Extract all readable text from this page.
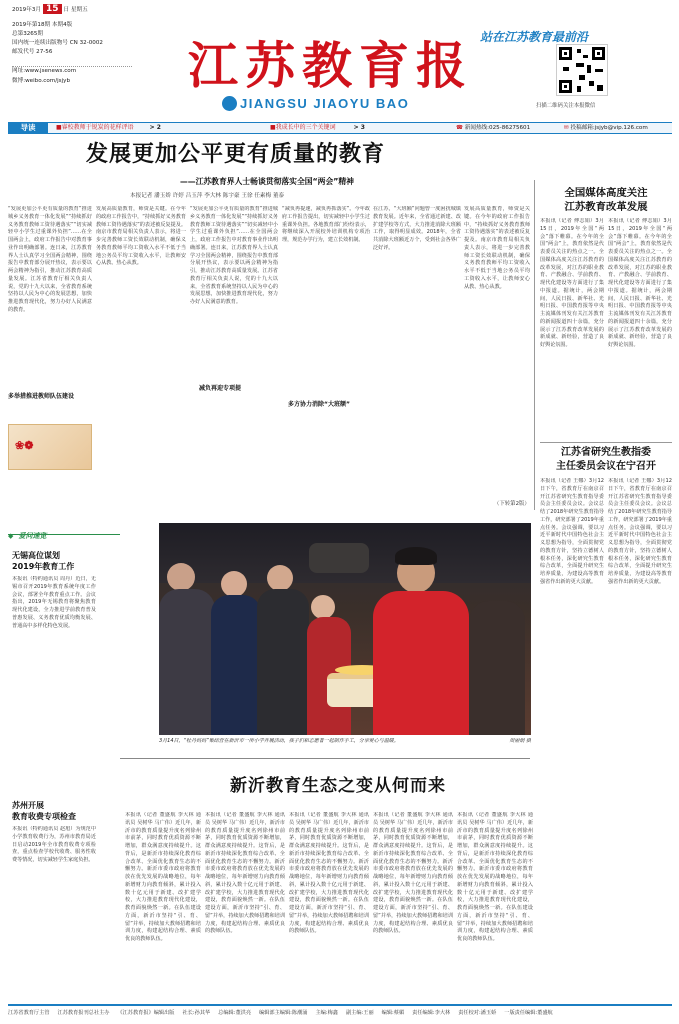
2019年3月 15 日 星期五
2019年第18期 本期4版
总第3265期
国内统一连续出版物号 CN 32-0002
邮发代号 27-56
网址:www.jsenews.com
微博:weibo.com/jsjyb 江苏教育报
JIANGSU JIAOYU BAO
站在江苏教育最前沿
扫描二维码关注本报微信
导读	■睿校教师于锐炭的花样评语	> 2	■我成长中的三个关键词	> 3	☎ 新闻热线:025-86275601	✉ 投稿邮箱:jsjyb@vip.126.com
发展更加公平更有质量的教育
——江苏教育界人士畅谈贯彻落实全国“两会”精神
本报记者 潘玉娇 许婷 吕玉萍 李大林 陈宇豪 王徐 任素梅 董泰
“发展更加公平更有质量的教育”推进城乡义务教育一体化发展”“持续抓好义务教育教师工资待遇落实”“切实减轻中小学生过重课外负担”……在全国两会上，政府工作报告中对教育事业作出明确部署。连日来，江苏教育界人士认真学习全国两会精神，围绕报告中教育部分展开热议，表示要以两会精神为指引，推动江苏教育高质量发展。江苏省教育厅相关负责人说，党的十九大以来，全省教育系统坚持以人民为中心的发展思想，加快推进教育现代化，努力办好人民满意的教育。
多举措推进教师队伍建设
❀❁
发展高质量教育，师资是关键。在今年的政府工作报告中，“持续抓好义务教育教师工资待遇落实”的表述被反复提及。南京市教育局相关负责人表示，将进一步完善教师工资长效联动机制，确保义务教育教师平均工资收入水平不低于当地公务员平均工资收入水平，让教师安心从教、热心从教。
“发展更加公平更有质量的教育”推进城乡义务教育一体化发展”“持续抓好义务教育教师工资待遇落实”“切实减轻中小学生过重课外负担”……在全国两会上，政府工作报告中对教育事业作出明确部署。连日来，江苏教育界人士认真学习全国两会精神，围绕报告中教育部分展开热议，表示要以两会精神为指引，推动江苏教育高质量发展。江苏省教育厅相关负责人说，党的十九大以来，全省教育系统坚持以人民为中心的发展思想，加快推进教育现代化，努力办好人民满意的教育。
减负再迎专项提
“减负再提速，减负再抓落实”。今年政府工作报告提出，切实减轻中小学生过重课外负担。各地教育部门纷纷表示，将继续深入开展校外培训机构专项治理，规范办学行为，建立长效机制。
多方协力消除“大班额”
在江苏，“大班额”问题曾一度困扰城镇教育发展。近年来，全省通过新建、改扩建学校等方式，大力推进消除大班额工作，取得明显成效。2018年，全省共消除大班额近万个，受到社会各界广泛好评。
发展高质量教育，师资是关键。在今年的政府工作报告中，“持续抓好义务教育教师工资待遇落实”的表述被反复提及。南京市教育局相关负责人表示，将进一步完善教师工资长效联动机制，确保义务教育教师平均工资收入水平不低于当地公务员平均工资收入水平，让教师安心从教、热心从教。
（下转第2版）
全国媒体高度关注
江苏教育改革发展
本报讯（记者 傅志娟）3月15日，2019年全国“两会”落下帷幕。在今年的全国“两会”上，教育依然是代表委员关注的热点之一。全国媒体高度关注江苏教育的改革发展，对江苏的职业教育、产教融合、学前教育、现代化建设等方面进行了集中报道。据统计，两会期间，人民日报、新华社、光明日报、中国教育报等中央主流媒体刊发有关江苏教育的新闻报道四十余篇，充分展示了江苏教育改革发展的新成就、新经验，营造了良好舆论氛围。
本报讯（记者 傅志娟）3月15日，2019年全国“两会”落下帷幕。在今年的全国“两会”上，教育依然是代表委员关注的热点之一。全国媒体高度关注江苏教育的改革发展，对江苏的职业教育、产教融合、学前教育、现代化建设等方面进行了集中报道。据统计，两会期间，人民日报、新华社、光明日报、中国教育报等中央主流媒体刊发有关江苏教育的新闻报道四十余篇，充分展示了江苏教育改革发展的新成就、新经验，营造了良好舆论氛围。
江苏省研究生教指委
主任委员会议在宁召开
本报讯（记者 王娜）3月12日下午，省教育厅在南京召开江苏省研究生教育指导委员会主任委员会议。会议总结了2018年研究生教育指导工作，研究部署了2019年重点任务。会议强调，要以习近平新时代中国特色社会主义思想为指导，全面贯彻党的教育方针，坚持立德树人根本任务，深化研究生教育综合改革，全面提升研究生培养质量，为建设高等教育强省作出新的更大贡献。
本报讯（记者 王娜）3月12日下午，省教育厅在南京召开江苏省研究生教育指导委员会主任委员会议。会议总结了2018年研究生教育指导工作，研究部署了2019年重点任务。会议强调，要以习近平新时代中国特色社会主义思想为指导，全面贯彻党的教育方针，坚持立德树人根本任务，深化研究生教育综合改革，全面提升研究生培养质量，为建设高等教育强省作出新的更大贡献。
◆ 爱问速览
无锡高位谋划
2019年教育工作
本报讯（特约通讯员 周丹）近日，无锡市召开2019年教育系统年度工作会议，部署全年教育重点工作。会议指出，2019年无锡教育将聚焦教育现代化建设，全力推进学前教育普及普惠发展、义务教育优质均衡发展、普通高中多样化特色发展。
苏州开展
教育收费专项检查
本报讯（特约通讯员 赵旭）为规范中小学教育收费行为，苏州市教育局近日启动2019年全市教育收费专项检查，重点检查学校代收费、服务性收费等情况，切实减轻学生家庭负担。
3月14日，“牡丹妈妈”集结营在新沂市一所小学开展活动，孩子们和志愿者一起制作手工，分享爱心与温暖。	周丽娟 摄
新沂教育生态之变从何而来
本报讯（记者 董盛航 李大林 通讯员 吴树华 马广伟）近几年，新沂市的教育质量提升度名列徐州市前茅，同时教育优质资源不断增加，群众满意度持续提升。这背后，是新沂市持续深化教育综合改革、全面优化教育生态的不懈努力。新沂市委市政府将教育放在优先发展的战略地位，每年新增财力向教育倾斜，累计投入数十亿元用于新建、改扩建学校，大力推进教育现代化建设，教育面貌焕然一新。在队伍建设方面，新沂市坚持“引、育、留”并举，持续加大教师招聘和培训力度，构建起结构合理、素质优良的教师队伍。
本报讯（记者 董盛航 李大林 通讯员 吴树华 马广伟）近几年，新沂市的教育质量提升度名列徐州市前茅，同时教育优质资源不断增加，群众满意度持续提升。这背后，是新沂市持续深化教育综合改革、全面优化教育生态的不懈努力。新沂市委市政府将教育放在优先发展的战略地位，每年新增财力向教育倾斜，累计投入数十亿元用于新建、改扩建学校，大力推进教育现代化建设，教育面貌焕然一新。在队伍建设方面，新沂市坚持“引、育、留”并举，持续加大教师招聘和培训力度，构建起结构合理、素质优良的教师队伍。
本报讯（记者 董盛航 李大林 通讯员 吴树华 马广伟）近几年，新沂市的教育质量提升度名列徐州市前茅，同时教育优质资源不断增加，群众满意度持续提升。这背后，是新沂市持续深化教育综合改革、全面优化教育生态的不懈努力。新沂市委市政府将教育放在优先发展的战略地位，每年新增财力向教育倾斜，累计投入数十亿元用于新建、改扩建学校，大力推进教育现代化建设，教育面貌焕然一新。在队伍建设方面，新沂市坚持“引、育、留”并举，持续加大教师招聘和培训力度，构建起结构合理、素质优良的教师队伍。
本报讯（记者 董盛航 李大林 通讯员 吴树华 马广伟）近几年，新沂市的教育质量提升度名列徐州市前茅，同时教育优质资源不断增加，群众满意度持续提升。这背后，是新沂市持续深化教育综合改革、全面优化教育生态的不懈努力。新沂市委市政府将教育放在优先发展的战略地位，每年新增财力向教育倾斜，累计投入数十亿元用于新建、改扩建学校，大力推进教育现代化建设，教育面貌焕然一新。在队伍建设方面，新沂市坚持“引、育、留”并举，持续加大教师招聘和培训力度，构建起结构合理、素质优良的教师队伍。
本报讯（记者 董盛航 李大林 通讯员 吴树华 马广伟）近几年，新沂市的教育质量提升度名列徐州市前茅，同时教育优质资源不断增加，群众满意度持续提升。这背后，是新沂市持续深化教育综合改革、全面优化教育生态的不懈努力。新沂市委市政府将教育放在优先发展的战略地位，每年新增财力向教育倾斜，累计投入数十亿元用于新建、改扩建学校，大力推进教育现代化建设，教育面貌焕然一新。在队伍建设方面，新沂市坚持“引、育、留”并举，持续加大教师招聘和培训力度，构建起结构合理、素质优良的教师队伍。
江苏省教育厅主管 江苏教育报刊总社主办 《江苏教育报》编辑出版 社长:孙其华 总编辑:董洪亮 编辑部主编辑:陈潮涌 主编:梅鑫 副主编:王丽 编辑:蔡媚 责任编辑:李大林 责任校对:潘玉娇 一版责任编辑:董盛航
